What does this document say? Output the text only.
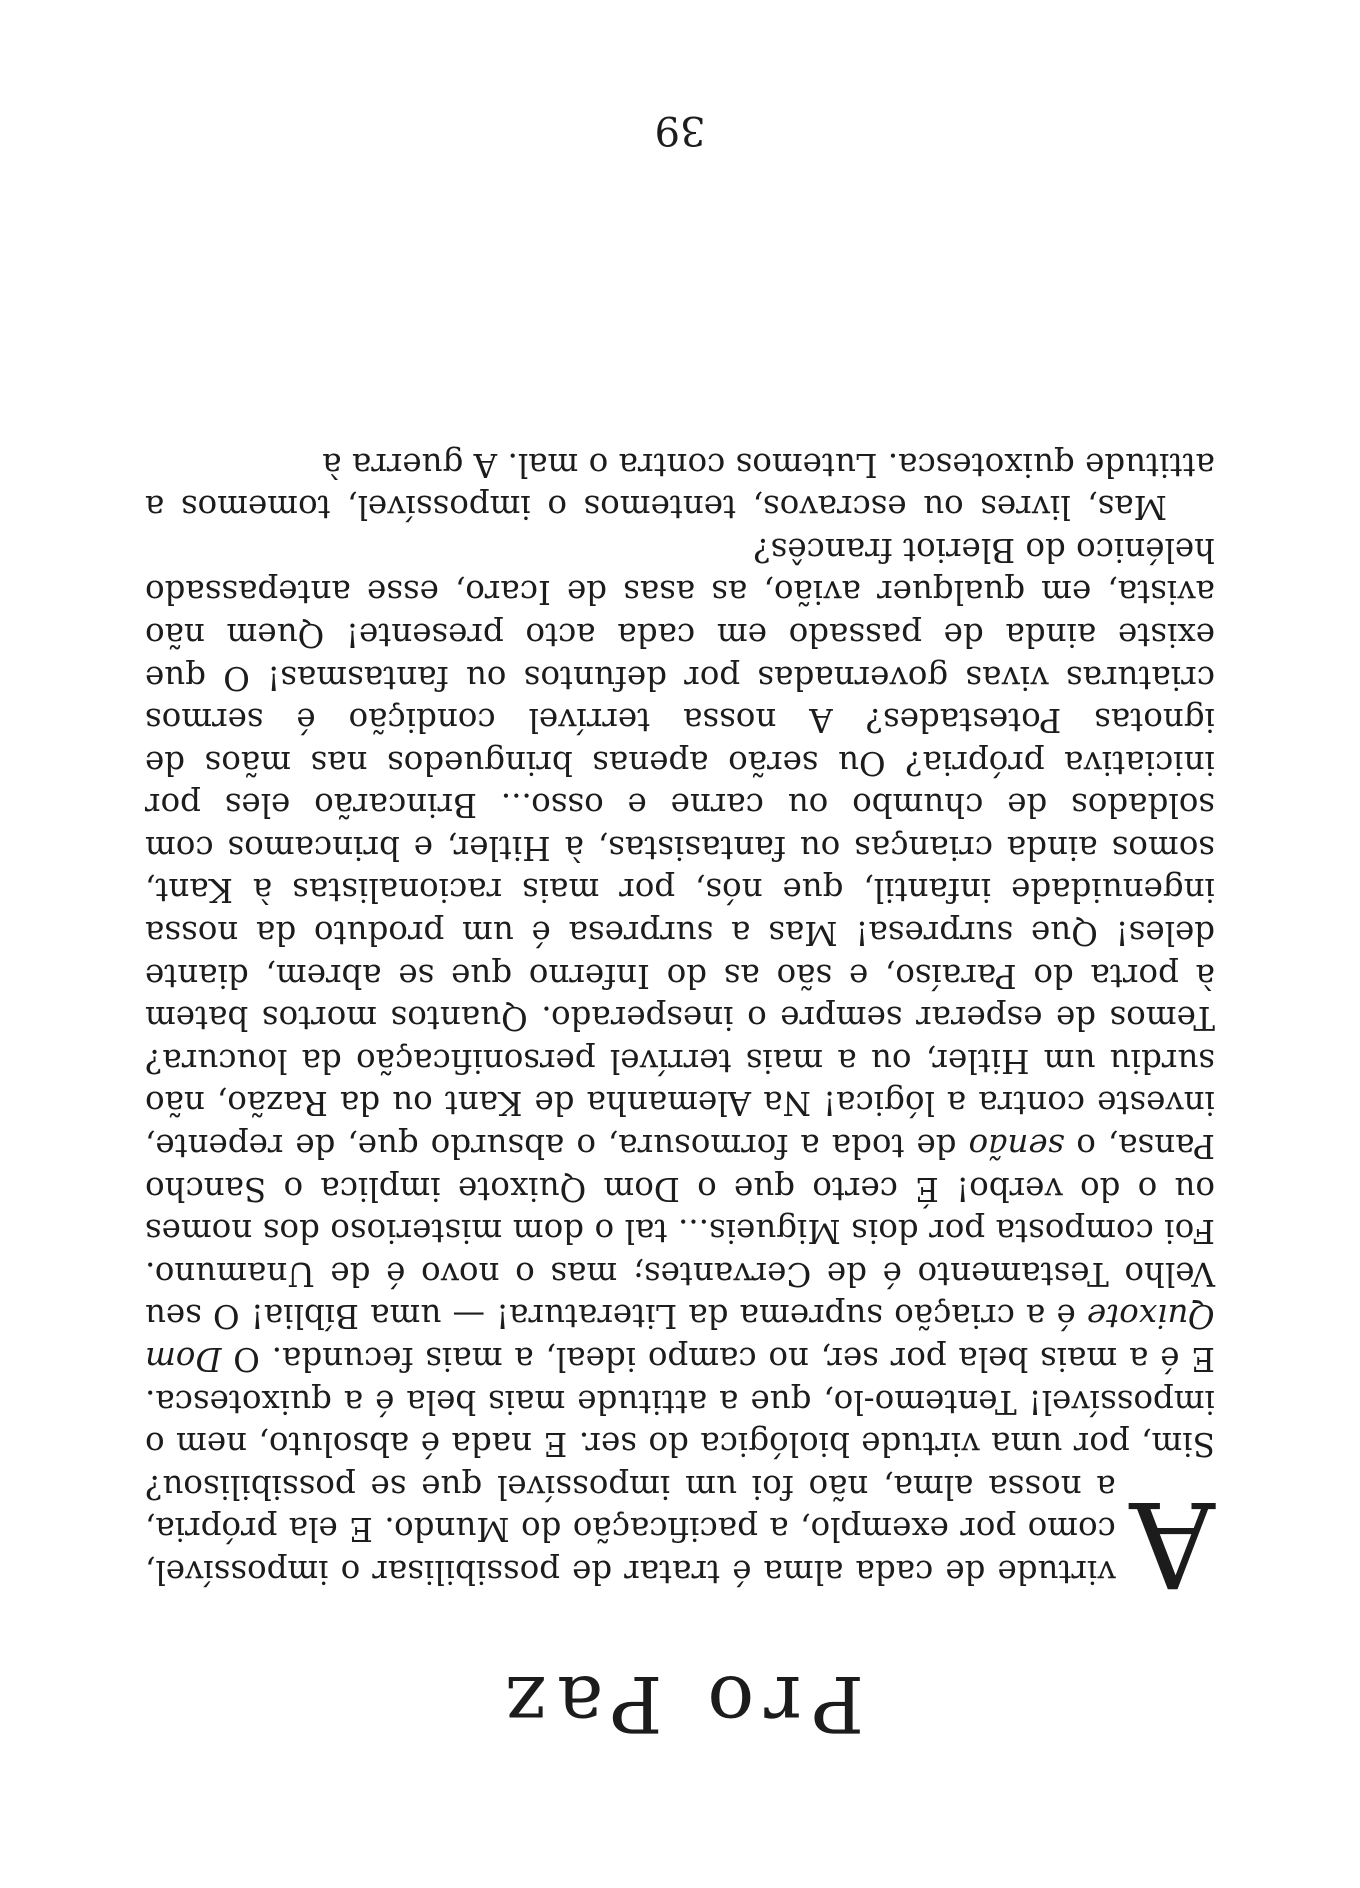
Pro Paz

A
virtude de cada alma é tratar de possibilisar o impossível, como por exemplo, a pacificação do Mundo. E ela própria, a nossa alma, não foi um impossível que se possibilisou? Sim, por uma virtude biológica do ser. E nada é absoluto, nem o impossível! Tentemo-lo, que a attitude mais bela é a quixotesca. E é a mais bela por ser, no campo ideal, a mais fecunda. O Dom Quixote é a criação suprema da Literatura! — uma Bíblia! O seu Velho Testamento é de Cervantes; mas o novo é de Unamuno. Foi composta por dois Migueis... tal o dom misterioso dos nomes ou o do verbo! É certo que o Dom Quixote implica o Sancho Pansa, o senão de toda a formosura, o absurdo que, de repente, investe contra a lógica! Na Alemanha de Kant ou da Razão, não surdiu um Hitler, ou a mais terrível personificação da loucura? Temos de esperar sempre o inesperado. Quantos mortos batem à porta do Paraíso, e são as do Inferno que se abrem, diante deles! Que surpresa! Mas a surpresa é um produto da nossa ingenuidade infantil, que nós, por mais racionalistas à Kant, somos ainda crianças ou fantasistas, à Hitler, e brincamos com soldados de chumbo ou carne e osso... Brincarão eles por iniciativa própria? Ou serão apenas bringuedos nas mãos de ignotas Potestades? A nossa terrível condição é sermos criaturas vivas governadas por defuntos ou fantasmas! O que existe ainda de passado em cada acto presente! Quem não avista, em qualquer avião, as asas de Icaro, esse antepassado helénico do Bleriot francês?

Mas, livres ou escravos, tentemos o impossível, tomemos a attitude quixotesca. Lutemos contra o mal. A guerra à

39
